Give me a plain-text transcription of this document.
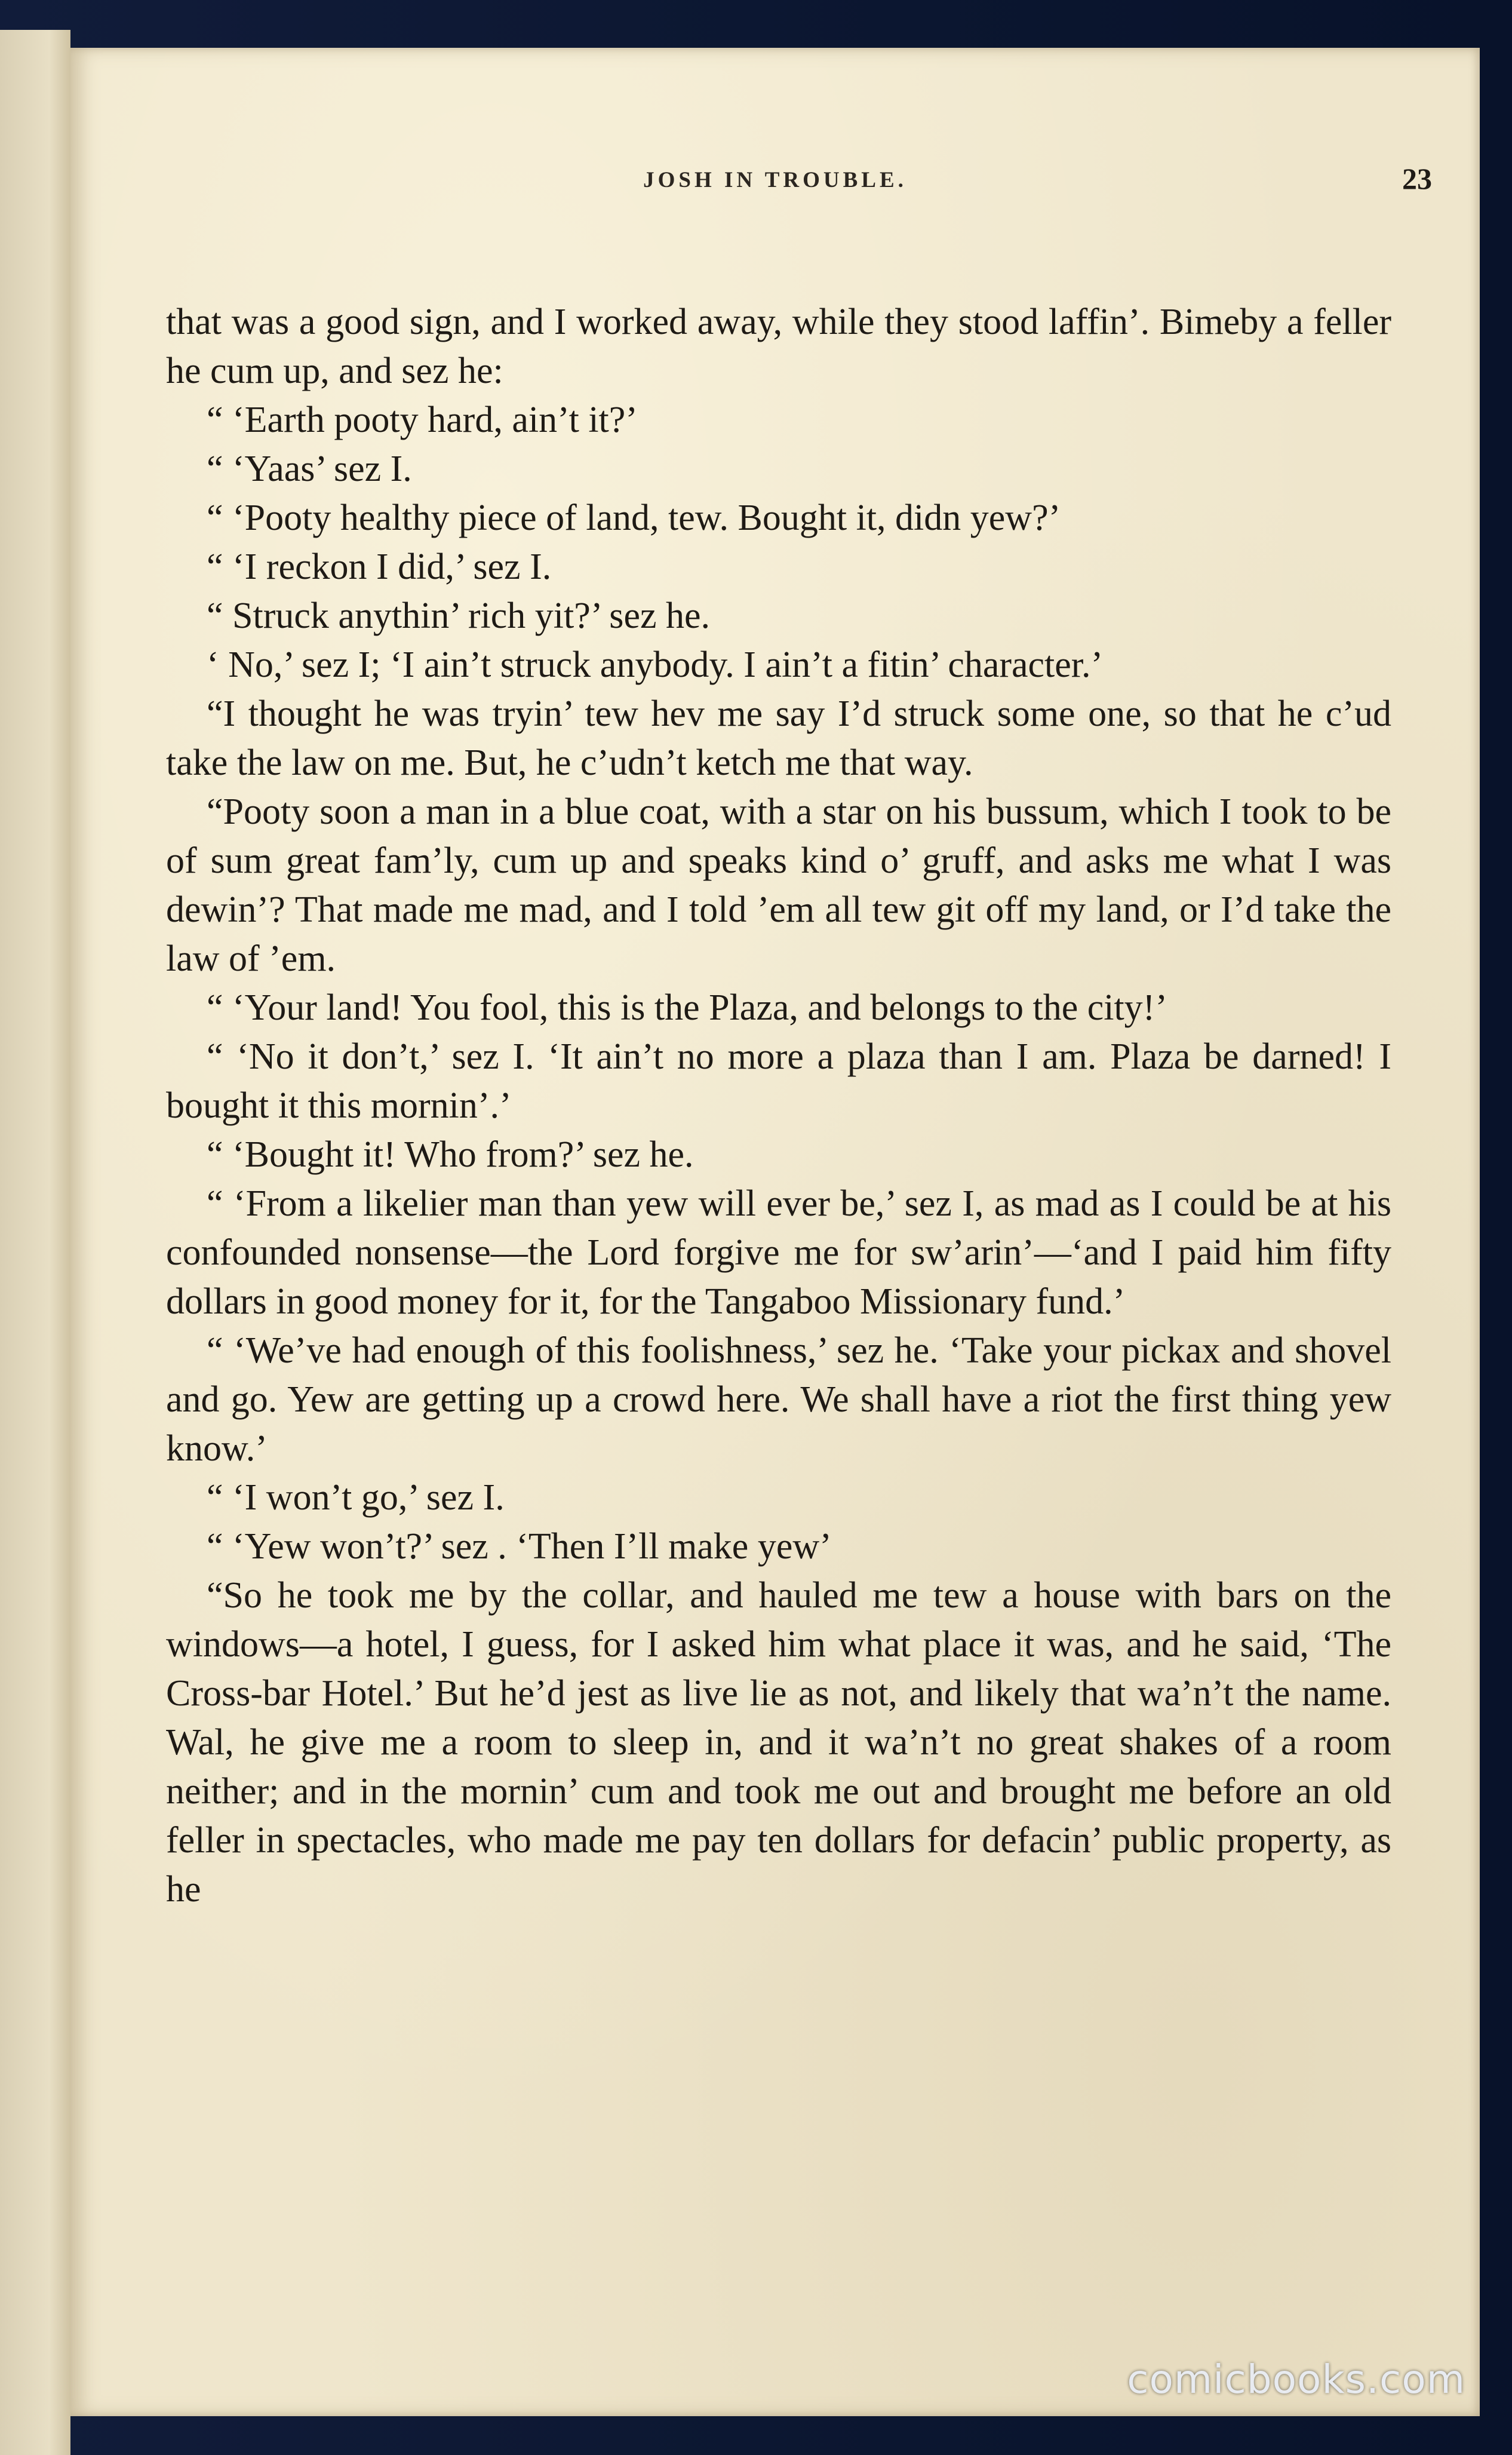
JOSH IN TROUBLE.	23

that was a good sign, and I worked away, while they stood laffin’. Bimeby a feller he cum up, and sez he:

“ ‘Earth pooty hard, ain’t it?’

“ ‘Yaas’ sez I.

“ ‘Pooty healthy piece of land, tew. Bought it, didn yew?’

“ ‘I reckon I did,’ sez I.

“ Struck anythin’ rich yit?’ sez he.

‘ No,’ sez I; ‘I ain’t struck anybody. I ain’t a fitin’ character.’

“I thought he was tryin’ tew hev me say I’d struck some one, so that he c’ud take the law on me. But, he c’udn’t ketch me that way.

“Pooty soon a man in a blue coat, with a star on his bussum, which I took to be of sum great fam’ly, cum up and speaks kind o’ gruff, and asks me what I was dewin’? That made me mad, and I told ’em all tew git off my land, or I’d take the law of ’em.

“ ‘Your land! You fool, this is the Plaza, and belongs to the city!’

“ ‘No it don’t,’ sez I. ‘It ain’t no more a plaza than I am. Plaza be darned! I bought it this mornin’.’

“ ‘Bought it! Who from?’ sez he.

“ ‘From a likelier man than yew will ever be,’ sez I, as mad as I could be at his confounded nonsense—the Lord forgive me for sw’arin’—‘and I paid him fifty dollars in good money for it, for the Tangaboo Missionary fund.’

“ ‘We’ve had enough of this foolishness,’ sez he. ‘Take your pickax and shovel and go. Yew are getting up a crowd here. We shall have a riot the first thing yew know.’

“ ‘I won’t go,’ sez I.

“ ‘Yew won’t?’ sez . ‘Then I’ll make yew’

“So he took me by the collar, and hauled me tew a house with bars on the windows—a hotel, I guess, for I asked him what place it was, and he said, ‘The Cross-bar Hotel.’ But he’d jest as live lie as not, and likely that wa’n’t the name. Wal, he give me a room to sleep in, and it wa’n’t no great shakes of a room neither; and in the mornin’ cum and took me out and brought me before an old feller in spectacles, who made me pay ten dollars for defacin’ public property, as he

comicbooks.com
